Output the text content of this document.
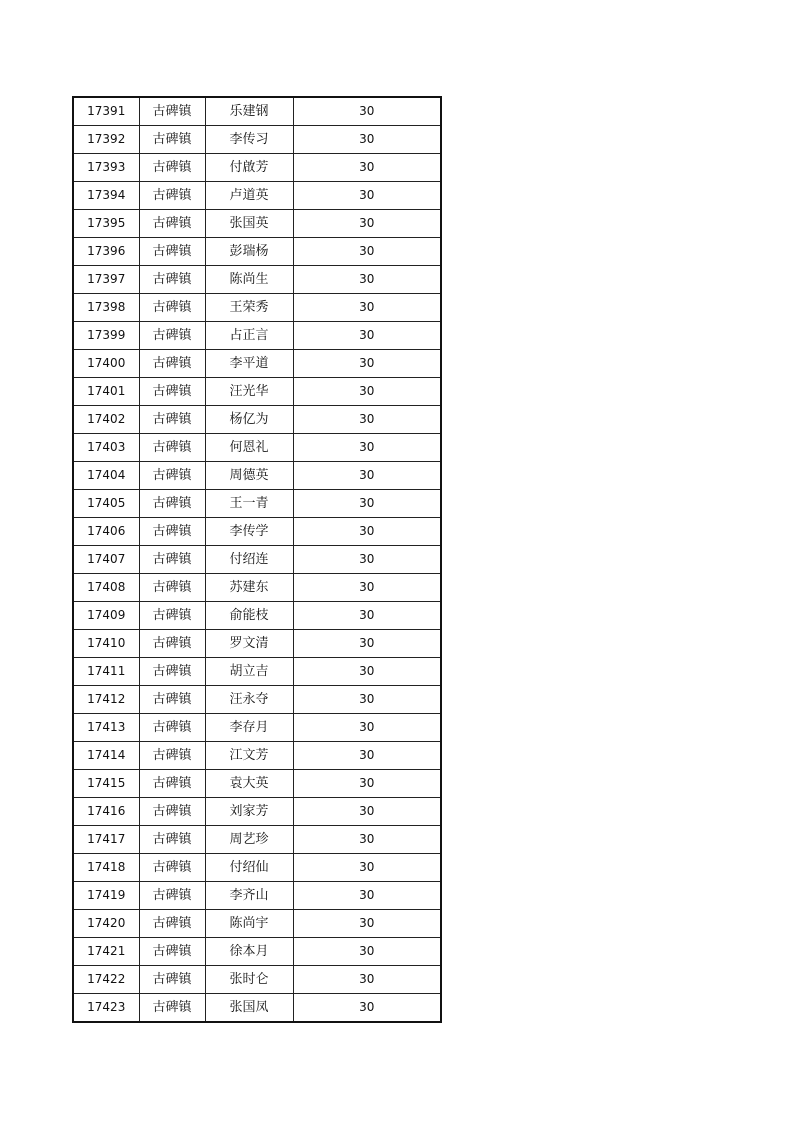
17391	古碑镇	乐建钢	30
17392	古碑镇	李传习	30
17393	古碑镇	付啟芳	30
17394	古碑镇	卢道英	30
17395	古碑镇	张国英	30
17396	古碑镇	彭瑞杨	30
17397	古碑镇	陈尚生	30
17398	古碑镇	王荣秀	30
17399	古碑镇	占正言	30
17400	古碑镇	李平道	30
17401	古碑镇	汪光华	30
17402	古碑镇	杨亿为	30
17403	古碑镇	何恩礼	30
17404	古碑镇	周德英	30
17405	古碑镇	王一青	30
17406	古碑镇	李传学	30
17407	古碑镇	付绍连	30
17408	古碑镇	苏建东	30
17409	古碑镇	俞能枝	30
17410	古碑镇	罗文清	30
17411	古碑镇	胡立吉	30
17412	古碑镇	汪永夺	30
17413	古碑镇	李存月	30
17414	古碑镇	江文芳	30
17415	古碑镇	袁大英	30
17416	古碑镇	刘家芳	30
17417	古碑镇	周艺珍	30
17418	古碑镇	付绍仙	30
17419	古碑镇	李齐山	30
17420	古碑镇	陈尚宇	30
17421	古碑镇	徐本月	30
17422	古碑镇	张时仑	30
17423	古碑镇	张国凤	30
